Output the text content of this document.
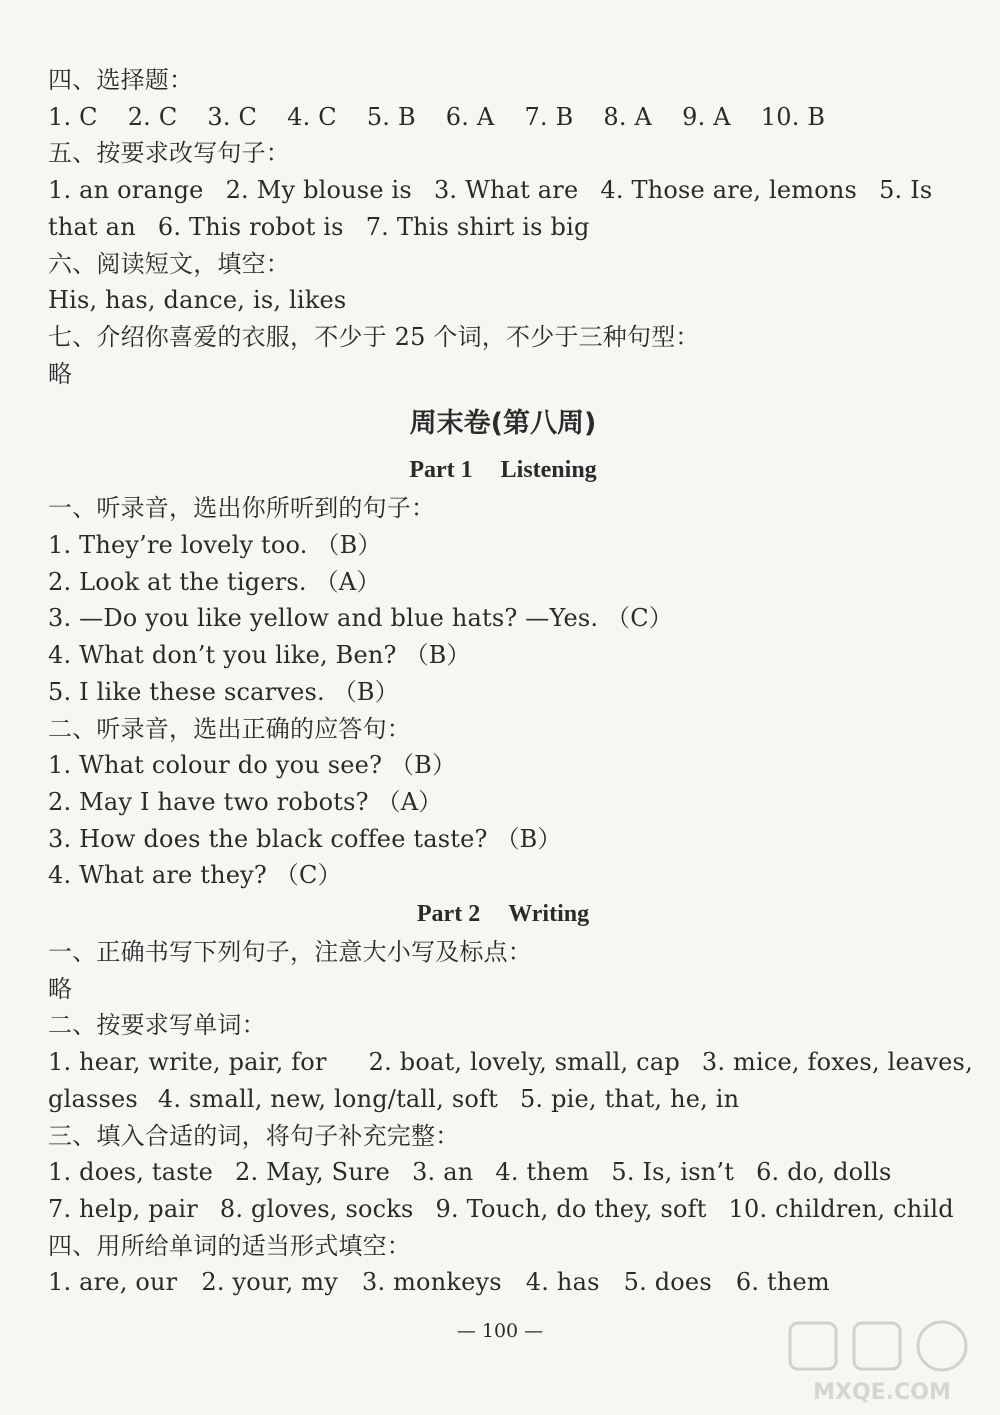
四、选择题：
1. C 2. C 3. C 4. C 5. B 6. A 7. B 8. A 9. A 10. B
五、按要求改写句子：
1. an orange 2. My blouse is 3. What are 4. Those are, lemons 5. Is
that an 6. This robot is 7. This shirt is big
六、阅读短文，填空：
His, has, dance, is, likes
七、介绍你喜爱的衣服，不少于 25 个词，不少于三种句型：
略
周末卷(第八周)
Part 1 Listening
一、听录音，选出你所听到的句子：
1. They’re lovely too. （B）
2. Look at the tigers. （A）
3. —Do you like yellow and blue hats? —Yes. （C）
4. What don’t you like, Ben? （B）
5. I like these scarves. （B）
二、听录音，选出正确的应答句：
1. What colour do you see? （B）
2. May I have two robots? （A）
3. How does the black coffee taste? （B）
4. What are they? （C）
Part 2 Writing
一、正确书写下列句子，注意大小写及标点：
略
二、按要求写单词：
1. hear, write, pair, for 2. boat, lovely, small, cap 3. mice, foxes, leaves,
glasses 4. small, new, long/tall, soft 5. pie, that, he, in
三、填入合适的词，将句子补充完整：
1. does, taste 2. May, Sure 3. an 4. them 5. Is, isn’t 6. do, dolls
7. help, pair 8. gloves, socks 9. Touch, do they, soft 10. children, child
四、用所给单词的适当形式填空：
1. are, our 2. your, my 3. monkeys 4. has 5. does 6. them
— 100 —
MXQE.COM
